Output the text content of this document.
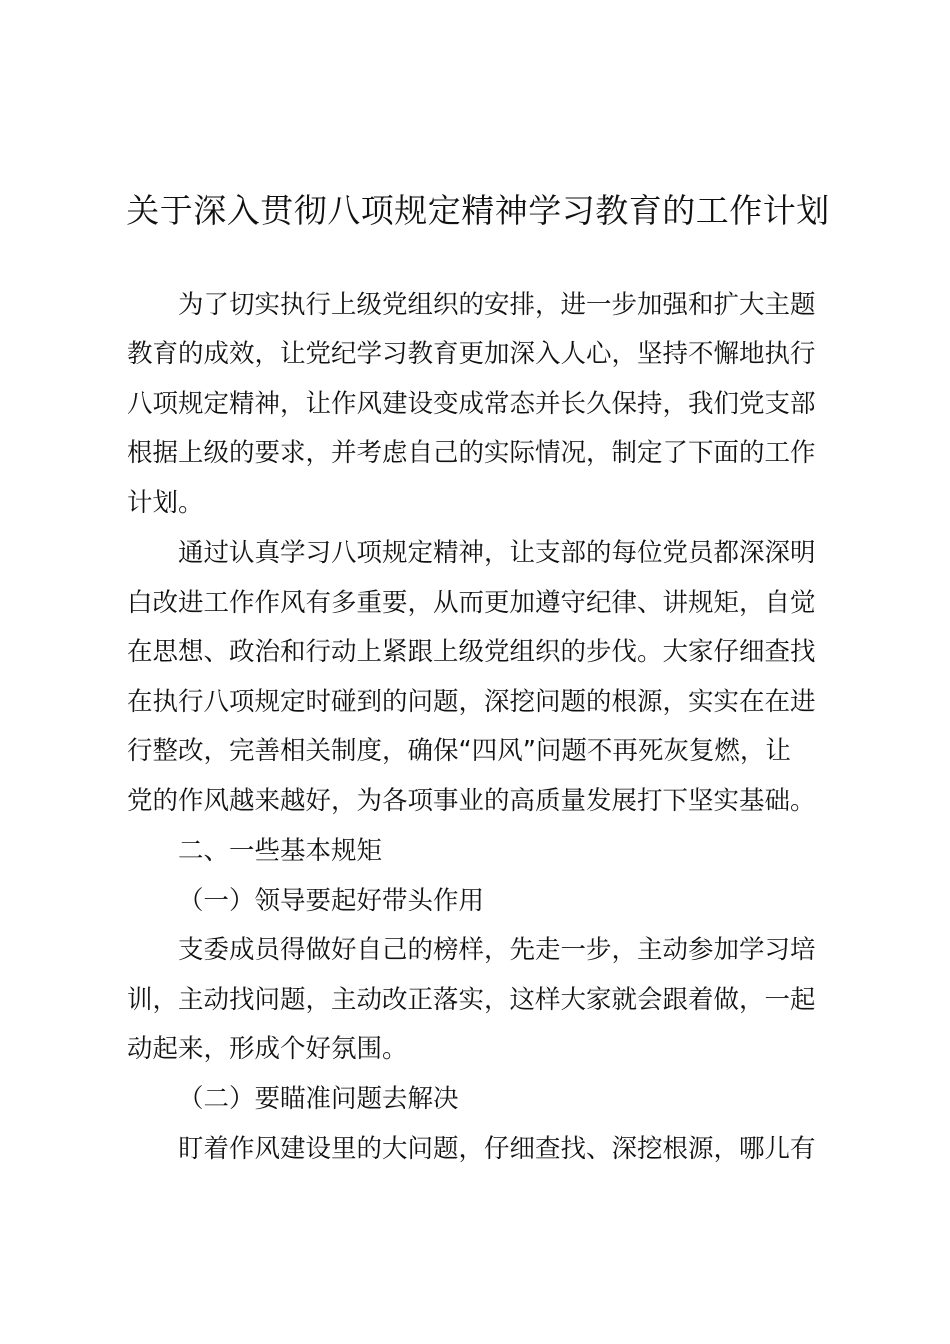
关于深入贯彻八项规定精神学习教育的工作计划

为了切实执行上级党组织的安排，进一步加强和扩大主题

教育的成效，让党纪学习教育更加深入人心，坚持不懈地执行

八项规定精神，让作风建设变成常态并长久保持，我们党支部

根据上级的要求，并考虑自己的实际情况，制定了下面的工作

计划。

通过认真学习八项规定精神，让支部的每位党员都深深明

白改进工作作风有多重要，从而更加遵守纪律、讲规矩，自觉

在思想、政治和行动上紧跟上级党组织的步伐。大家仔细查找

在执行八项规定时碰到的问题，深挖问题的根源，实实在在进

行整改，完善相关制度，确保“四风”问题不再死灰复燃，让

党的作风越来越好，为各项事业的高质量发展打下坚实基础。

二、一些基本规矩

（一）领导要起好带头作用

支委成员得做好自己的榜样，先走一步，主动参加学习培

训，主动找问题，主动改正落实，这样大家就会跟着做，一起

动起来，形成个好氛围。

（二）要瞄准问题去解决

盯着作风建设里的大问题，仔细查找、深挖根源，哪儿有
